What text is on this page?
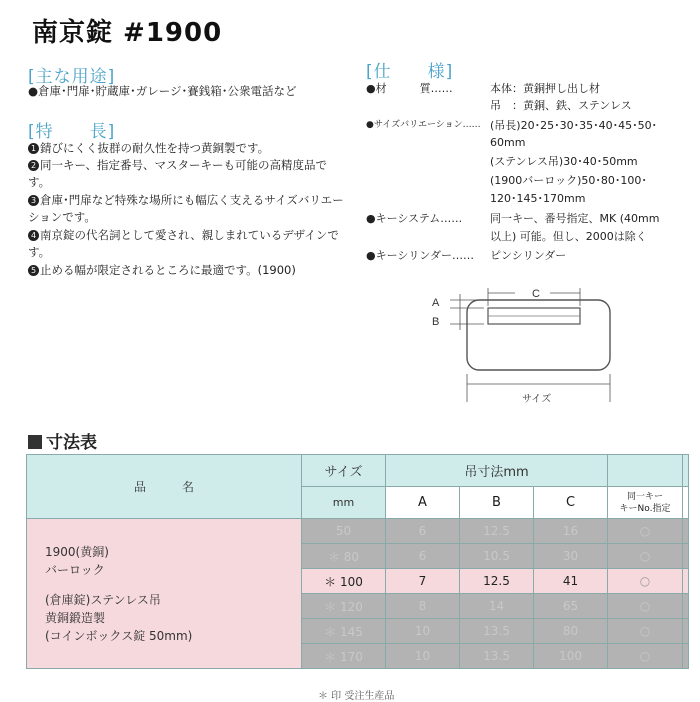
南京錠 #1900
[主な用途]
●倉庫･門扉･貯蔵庫･ガレージ･賽銭箱･公衆電話など
[特　　長]
1 錆びにくく抜群の耐久性を持つ黄銅製です。
2 同一キー、指定番号、マスターキーも可能の高精度品です。
3 倉庫･門扉など特殊な場所にも幅広く支えるサイズバリエーションです。
4 南京錠の代名詞として愛され、親しまれているデザインです。
5 止める幅が限定されるところに最適です。(1900)
[仕　　様]
●材　　　質……	本体：黄銅押し出し材
吊　：黄銅、鉄、ステンレス
●サイズバリエーション…… (吊長)20･25･30･35･40･45･50･
60mm
(ステンレス吊)30･40･50mm
(1900バーロック)50･80･100･
120･145･170mm
●キーシステム……	同一キー、番号指定、MK (40mm
以上) 可能。但し、2000は除く
●キーシリンダー…… ピンシリンダー
C
A
B
サイズ
寸法表
品　　　名	サイズ	吊寸法mm				
	mm	A	B	C	同一キー
キーNo.指定	

1900(黄銅)
バーロック
(倉庫錠)ステンレス吊
黄銅鍛造製
(コインボックス錠 50mm)	50	6	12.5	16	○	
	＊ 80	6	10.5	30	○	
	＊ 100	7	12.5	41	○	
	＊ 120	8	14	65	○	
	＊ 145	10	13.5	80	○	
	＊ 170	10	13.5	100	○	
＊ 印 受注生産品
